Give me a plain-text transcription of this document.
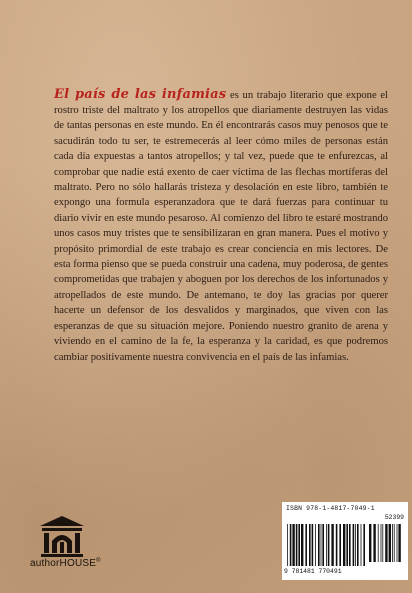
El país de las infamias es un trabajo literario que expone el rostro triste del maltrato y los atropellos que diariamente destruyen las vidas de tantas personas en este mundo. En él encontrarás casos muy penosos que te sacudirán todo tu ser, te estremecerás al leer cómo miles de personas están cada día expuestas a tantos atropellos; y tal vez, puede que te enfurezcas, al comprobar que nadie está exento de caer víctima de las flechas mortíferas del maltrato. Pero no sólo hallarás tristeza y desolación en este libro, también te expongo una formula esperanzadora que te dará fuerzas para continuar tu diario vivir en este mundo pesaroso. Al comienzo del libro te estaré mostrando unos casos muy tristes que te sensibilizaran en gran manera. Pues el motivo y propósito primordial de este trabajo es crear conciencia en mis lectores. De esta forma pienso que se pueda construir una cadena, muy poderosa, de gentes comprometidas que trabajen y aboguen por los derechos de los infortunados y atropellados de este mundo. De antemano, te doy las gracias por querer hacerte un defensor de los desvalidos y marginados, que viven con las esperanzas de que su situación mejore. Poniendo nuestro granito de arena y viviendo en el camino de la fe, la esperanza y la caridad, es que podremos cambiar positivamente nuestra convivencia en el país de las infamias.

authorHOUSE®
ISBN 978-1-4817-7049-1
52399
9 781481 770491
